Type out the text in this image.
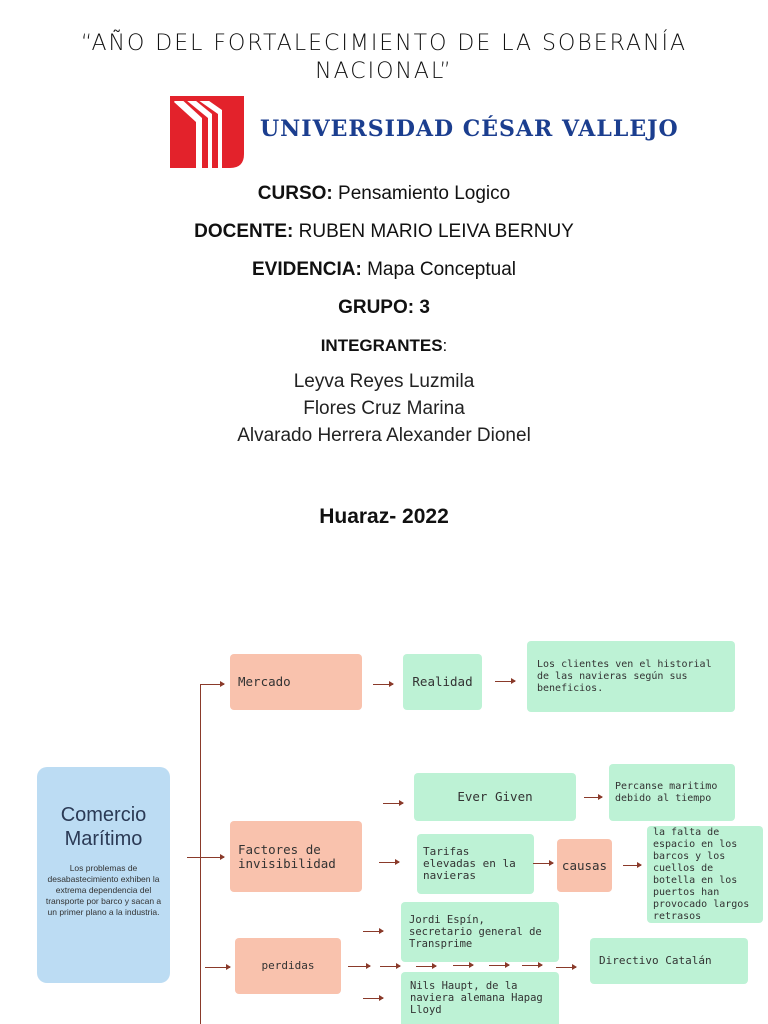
“AÑO DEL FORTALECIMIENTO DE LA SOBERANÍA NACIONAL”
UNIVERSIDAD CÉSAR VALLEJO
CURSO: Pensamiento Logico
DOCENTE: RUBEN MARIO LEIVA BERNUY
EVIDENCIA: Mapa Conceptual
GRUPO: 3
INTEGRANTES:
Leyva Reyes Luzmila
Flores Cruz Marina
Alvarado Herrera Alexander Dionel
Huaraz- 2022
Comercio Marítimo
Los problemas de desabastecimiento exhiben la extrema dependencia del transporte por barco y sacan a un primer plano a la industria.
Mercado	Realidad
Los clientes ven el historial de las navieras según sus beneficios.
Factores de invisibilidad
Ever Given
Percanse maritimo debido al tiempo
Tarifas elevadas en la navieras
causas
la falta de espacio en los barcos y los cuellos de botella en los puertos han provocado largos retrasos
perdidas
Jordi Espín, secretario general de Transprime
Directivo Catalán
Nils Haupt, de la naviera alemana Hapag Lloyd
